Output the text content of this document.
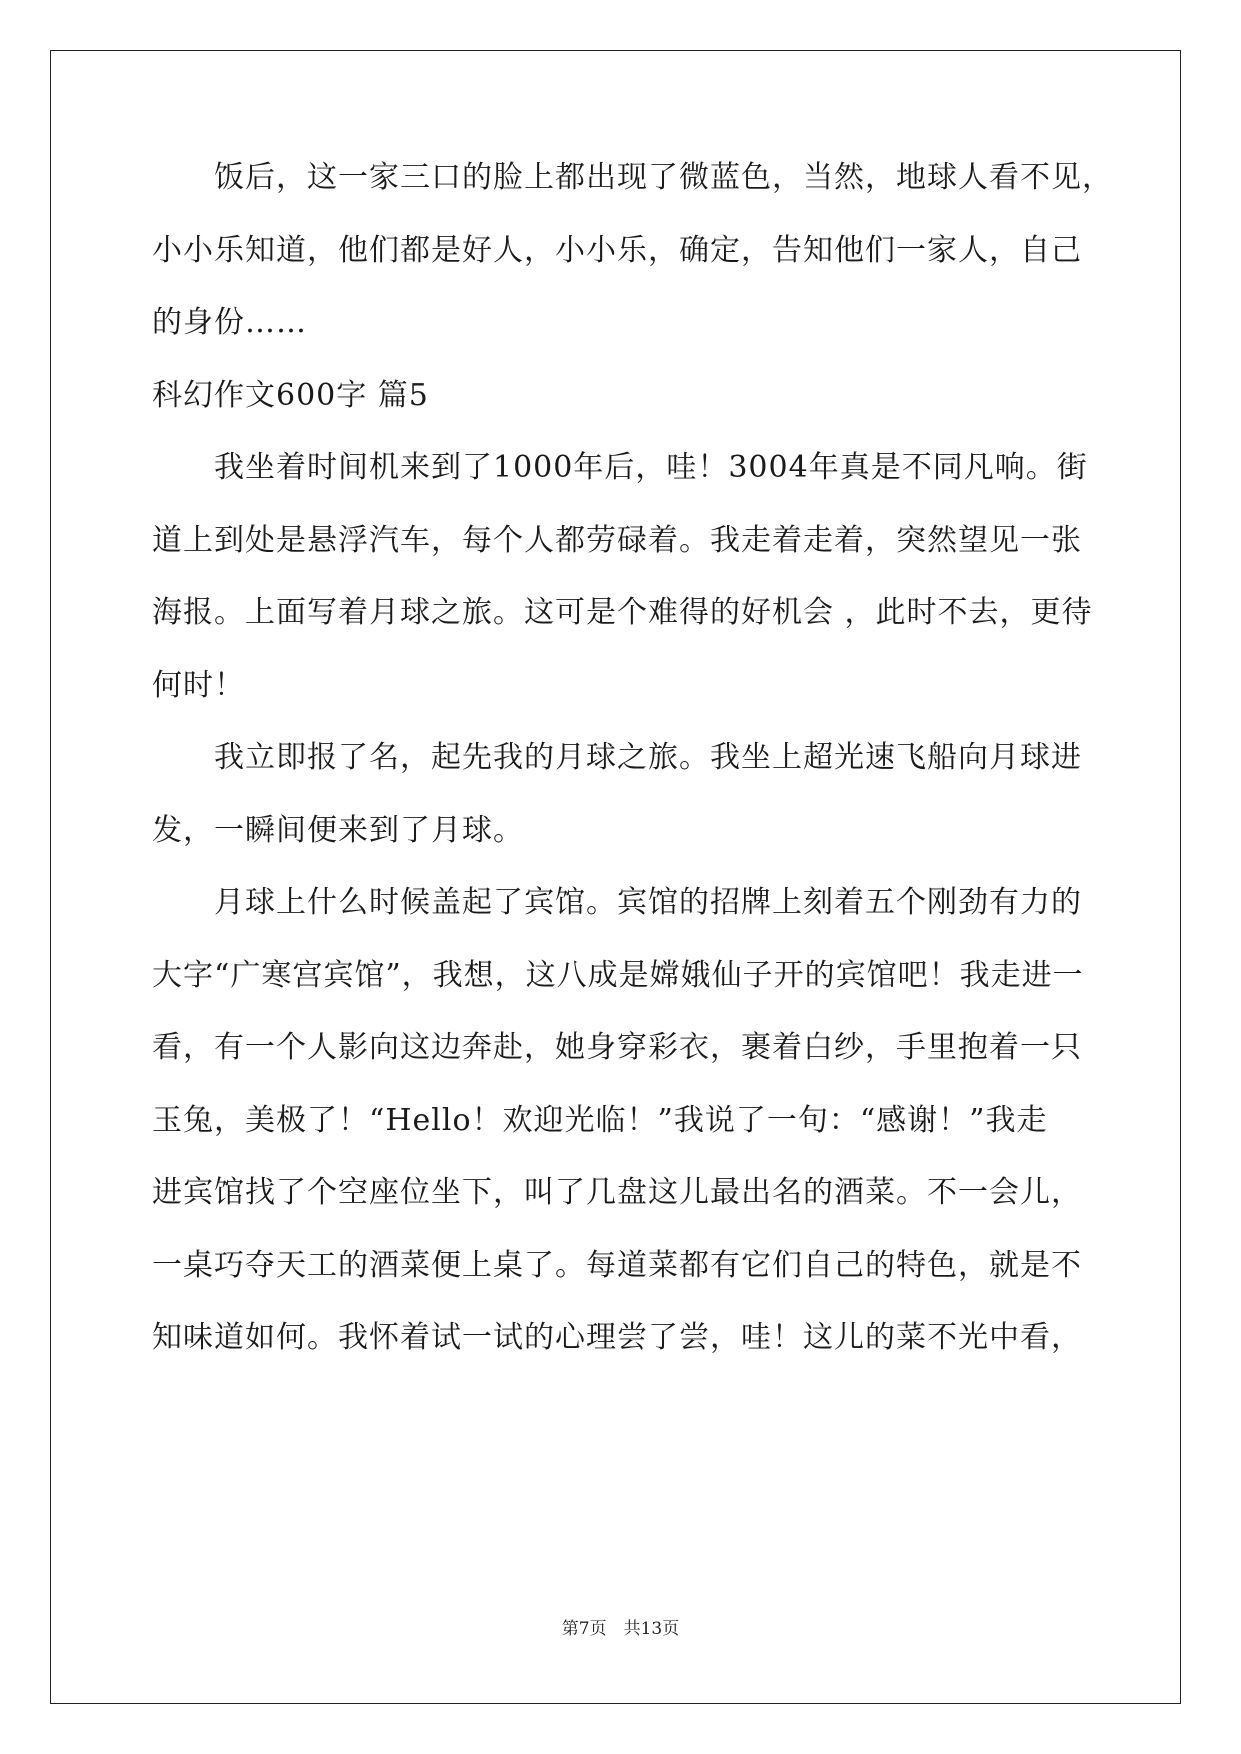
　　饭后，这一家三口的脸上都出现了微蓝色，当然，地球人看不见，
小小乐知道，他们都是好人，小小乐，确定，告知他们一家人，自己
的身份……
科幻作文600字 篇5
　　我坐着时间机来到了1000年后，哇！3004年真是不同凡响。街
道上到处是悬浮汽车，每个人都劳碌着。我走着走着，突然望见一张
海报。上面写着月球之旅。这可是个难得的好机会 ，此时不去，更待
何时！
　　我立即报了名，起先我的月球之旅。我坐上超光速飞船向月球进
发，一瞬间便来到了月球。
　　月球上什么时候盖起了宾馆。宾馆的招牌上刻着五个刚劲有力的
大字“广寒宫宾馆”，我想，这八成是嫦娥仙子开的宾馆吧！我走进一
看，有一个人影向这边奔赴，她身穿彩衣，裹着白纱，手里抱着一只
玉兔，美极了！“Hello！欢迎光临！”我说了一句：“感谢！”我走
进宾馆找了个空座位坐下，叫了几盘这儿最出名的酒菜。不一会儿，
一桌巧夺天工的酒菜便上桌了。每道菜都有它们自己的特色，就是不
知味道如何。我怀着试一试的心理尝了尝，哇！这儿的菜不光中看，
第7页　共13页
